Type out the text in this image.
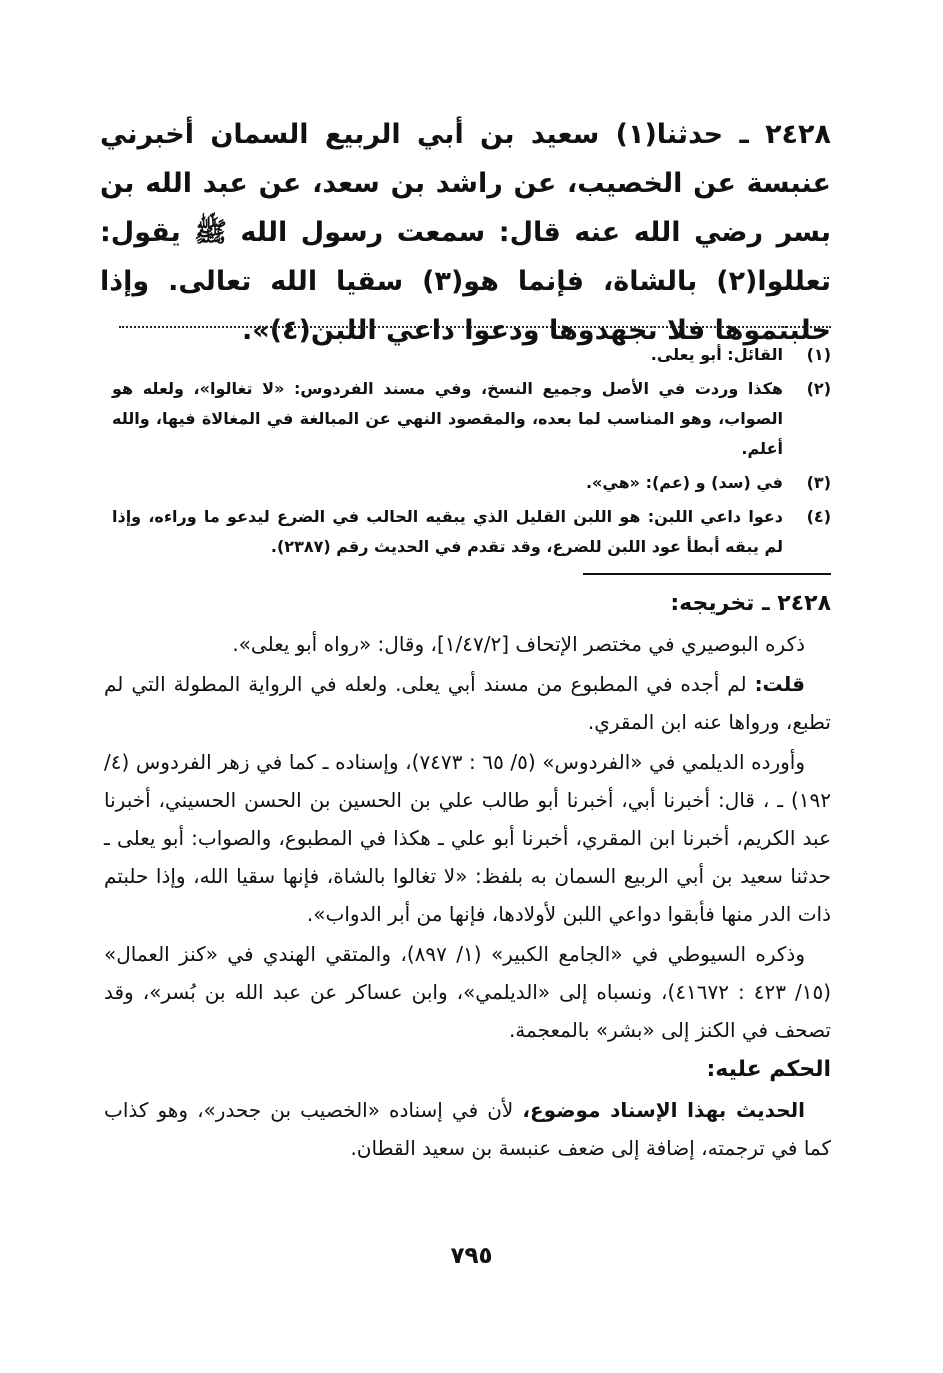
٢٤٢٨ ـ حدثنا(١) سعيد بن أبي الربيع السمان أخبرني عنبسة عن الخصيب، عن راشد بن سعد، عن عبد الله بن بسر رضي الله عنه قال: سمعت رسول الله ﷺ يقول: تعللوا(٢) بالشاة، فإنما هو(٣) سقيا الله تعالى. وإذا حلبتموها فلا تجهدوها ودعوا داعي اللبن(٤)».
(١)
القائل: أبو يعلى.
(٢)
هكذا وردت في الأصل وجميع النسخ، وفي مسند الفردوس: «لا تغالوا»، ولعله هو الصواب، وهو المناسب لما بعده، والمقصود النهي عن المبالغة في المغالاة فيها، والله أعلم.
(٣)
في (سد) و (عم): «هي».
(٤)
دعوا داعي اللبن: هو اللبن القليل الذي يبقيه الحالب في الضرع ليدعو ما وراءه، وإذا لم يبقه أبطأ عود اللبن للضرع، وقد تقدم في الحديث رقم (٢٣٨٧).

٢٤٢٨ ـ تخريجه:

ذكره البوصيري في مختصر الإتحاف [١/٤٧/٢]، وقال: «رواه أبو يعلى».

قلت: لم أجده في المطبوع من مسند أبي يعلى. ولعله في الرواية المطولة التي لم تطبع، ورواها عنه ابن المقري.

وأورده الديلمي في «الفردوس» (٥/ ٦٥ : ٧٤٧٣)، وإسناده ـ كما في زهر الفردوس (٤/ ١٩٢) ـ ، قال: أخبرنا أبي، أخبرنا أبو طالب علي بن الحسين بن الحسن الحسيني، أخبرنا عبد الكريم، أخبرنا ابن المقري، أخبرنا أبو علي ـ هكذا في المطبوع، والصواب: أبو يعلى ـ حدثنا سعيد بن أبي الربيع السمان به بلفظ: «لا تغالوا بالشاة، فإنها سقيا الله، وإذا حلبتم ذات الدر منها فأبقوا دواعي اللبن لأولادها، فإنها من أبر الدواب».

وذكره السيوطي في «الجامع الكبير» (١/ ٨٩٧)، والمتقي الهندي في «كنز العمال» (١٥/ ٤٢٣ : ٤١٦٧٢)، ونسباه إلى «الديلمي»، وابن عساكر عن عبد الله بن بُسر»، وقد تصحف في الكنز إلى «بشر» بالمعجمة.

الحكم عليه:

الحديث بهذا الإسناد موضوع، لأن في إسناده «الخصيب بن جحدر»، وهو كذاب كما في ترجمته، إضافة إلى ضعف عنبسة بن سعيد القطان.

٧٩٥
